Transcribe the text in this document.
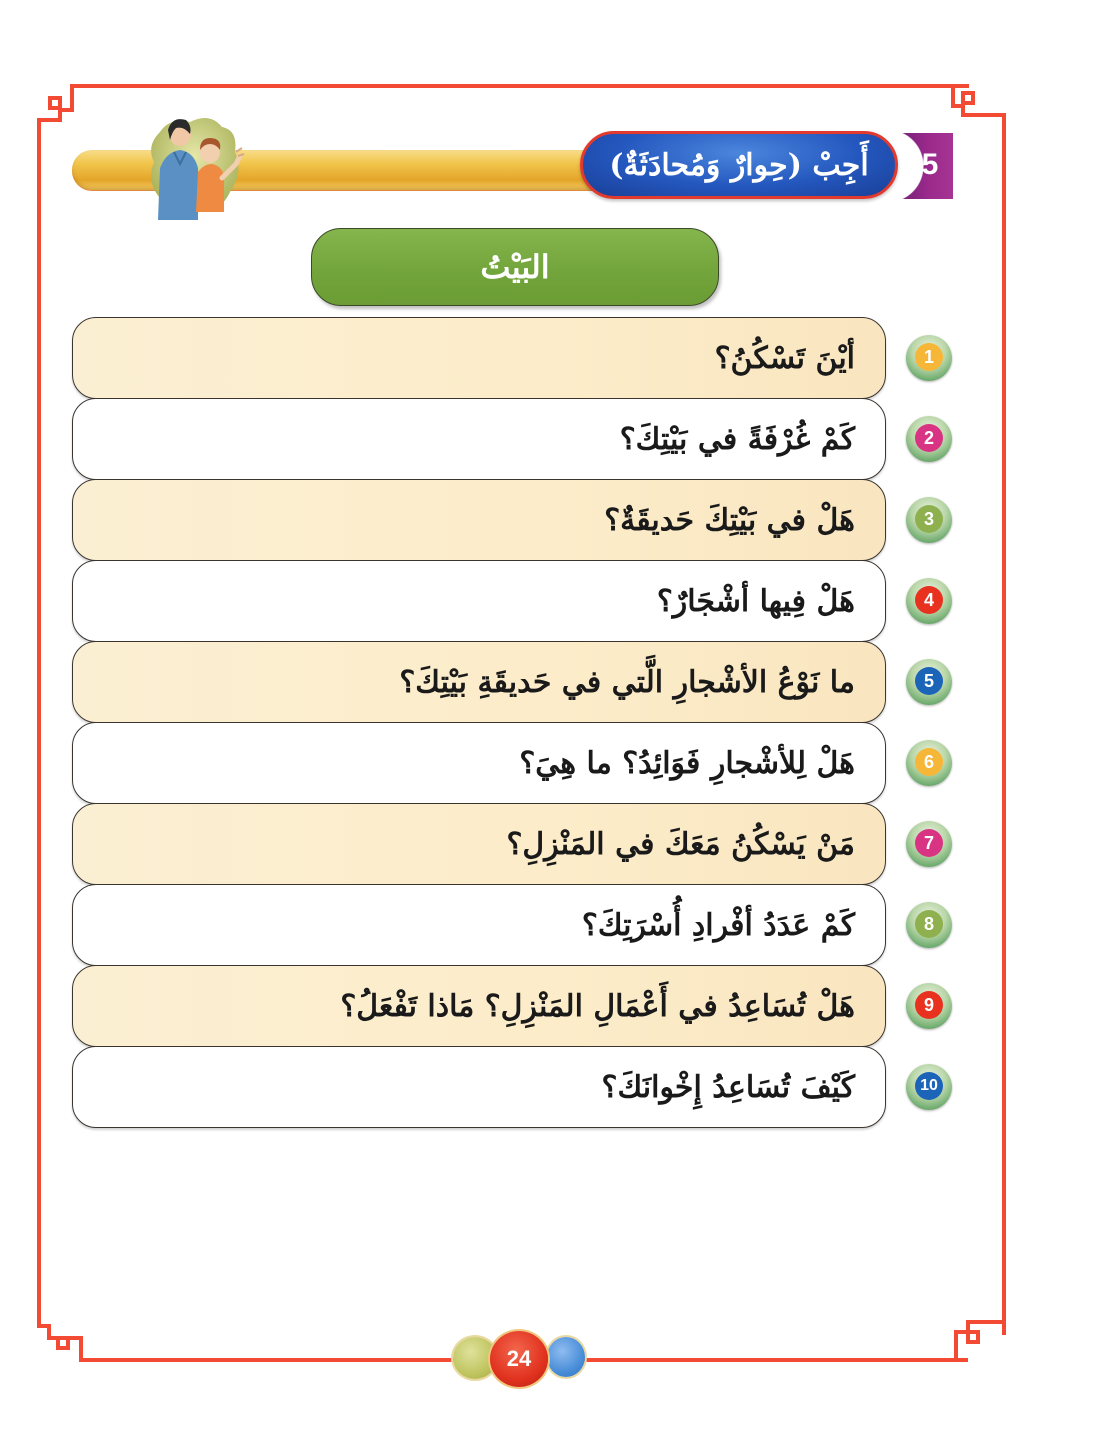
أَجِبْ (حِوارٌ وَمُحادَثَةٌ)	5
البَيْتُ
أيْنَ تَسْكُنُ؟	1
كَمْ غُرْفَةً في بَيْتِكَ؟	2
هَلْ في بَيْتِكَ حَديقَةٌ؟	3
هَلْ فِيها أشْجَارٌ؟	4
ما نَوْعُ الأشْجارِ الَّتي في حَديقَةِ بَيْتِكَ؟	5
هَلْ لِلأشْجارِ فَوَائِدُ؟ ما هِيَ؟	6
مَنْ يَسْكُنُ مَعَكَ في المَنْزِلِ؟	7
كَمْ عَدَدُ أفْرادِ أُسْرَتِكَ؟	8
هَلْ تُسَاعِدُ في أَعْمَالِ المَنْزِلِ؟ مَاذا تَفْعَلُ؟	9
كَيْفَ تُسَاعِدُ إِخْوانَكَ؟	10
24
